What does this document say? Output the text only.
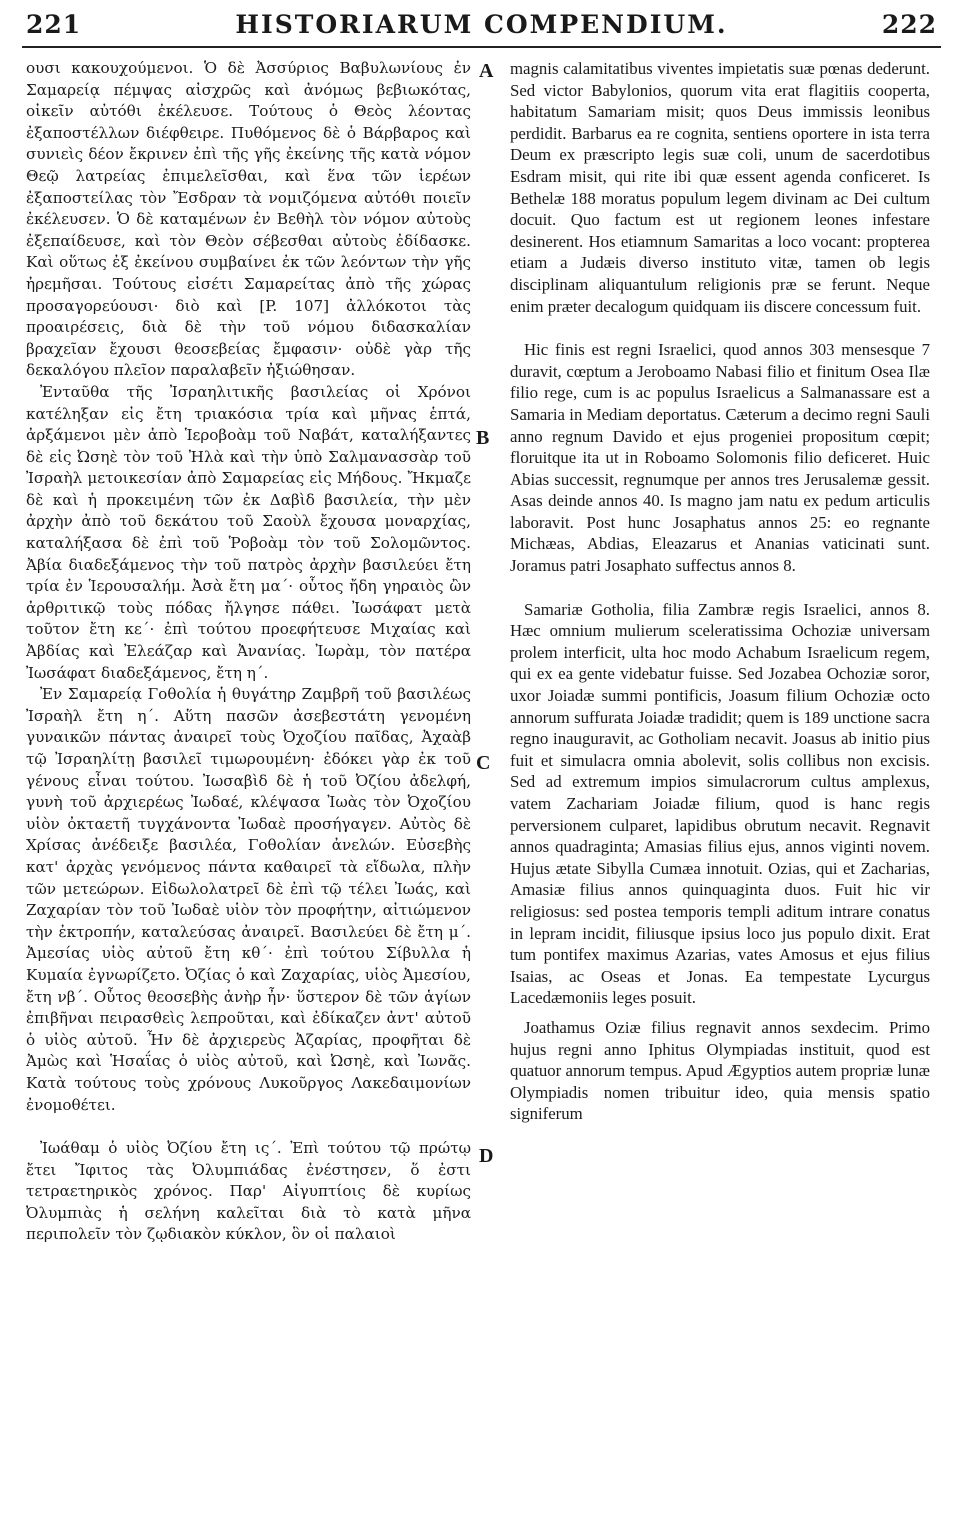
221	HISTORIARUM COMPENDIUM.	222

ουσι κακουχούμενοι. Ὁ δὲ Ἀσσύριος Βαβυλωνίους ἐν Σαμαρείᾳ πέμψας αἰσχρῶς καὶ ἀνόμως βεβιωκότας, οἰκεῖν αὐτόθι ἐκέλευσε. Τούτους ὁ Θεὸς λέοντας ἐξαποστέλλων διέφθειρε. Πυθόμενος δὲ ὁ Βάρβαρος καὶ συνιεὶς δέον ἔκρινεν ἐπὶ τῆς γῆς ἐκείνης τῆς κατὰ νόμον Θεῷ λατρείας ἐπιμελεῖσθαι, καὶ ἕνα τῶν ἱερέων ἐξαποστείλας τὸν Ἔσδραν τὰ νομιζόμενα αὐτόθι ποιεῖν ἐκέλευσεν. Ὁ δὲ καταμένων ἐν Βεθὴλ τὸν νόμον αὐτοὺς ἐξεπαίδευσε, καὶ τὸν Θεὸν σέβεσθαι αὐτοὺς ἐδίδασκε. Καὶ οὕτως ἐξ ἐκείνου συμβαίνει ἐκ τῶν λεόντων τὴν γῆς ἠρεμῆσαι. Τούτους εἰσέτι Σαμαρείτας ἀπὸ τῆς χώρας προσαγορεύουσι· διὸ καὶ [P. 107] ἀλλόκοτοι τὰς προαιρέσεις, διὰ δὲ τὴν τοῦ νόμου διδασκαλίαν βραχεῖαν ἔχουσι θεοσεβείας ἔμφασιν· οὐδὲ γὰρ τῆς δεκαλόγου πλεῖον παραλαβεῖν ἠξιώθησαν.

Ἐνταῦθα τῆς Ἰσραηλιτικῆς βασιλείας οἱ Χρόνοι κατέληξαν εἰς ἔτη τριακόσια τρία καὶ μῆνας ἑπτά, ἀρξάμενοι μὲν ἀπὸ Ἱεροβοὰμ τοῦ Ναβάτ, καταλήξαντες δὲ εἰς Ὠσηὲ τὸν τοῦ Ἠλὰ καὶ τὴν ὑπὸ Σαλμανασσὰρ τοῦ Ἰσραὴλ μετοικεσίαν ἀπὸ Σαμαρείας εἰς Μήδους. Ἤκμαζε δὲ καὶ ἡ προκειμένη τῶν ἐκ Δαβὶδ βασιλεία, τὴν μὲν ἀρχὴν ἀπὸ τοῦ δεκάτου τοῦ Σαοὺλ ἔχουσα μοναρχίας, καταλήξασα δὲ ἐπὶ τοῦ Ῥοβοὰμ τὸν τοῦ Σολομῶντος. Ἀβία διαδεξάμενος τὴν τοῦ πατρὸς ἀρχὴν βασιλεύει ἔτη τρία ἐν Ἱερουσαλήμ. Ἀσὰ ἔτη μα΄· οὗτος ἤδη γηραιὸς ὢν ἀρθριτικῷ τοὺς πόδας ἤλγησε πάθει. Ἰωσάφατ μετὰ τοῦτον ἔτη κε΄· ἐπὶ τούτου προεφήτευσε Μιχαίας καὶ Ἀβδίας καὶ Ἐλεάζαρ καὶ Ἀνανίας. Ἰωρὰμ, τὸν πατέρα Ἰωσάφατ διαδεξάμενος, ἔτη η΄.

Ἐν Σαμαρείᾳ Γοθολία ἡ θυγάτηρ Ζαμβρῆ τοῦ βασιλέως Ἰσραὴλ ἔτη η΄. Αὕτη πασῶν ἀσεβεστάτη γενομένη γυναικῶν πάντας ἀναιρεῖ τοὺς Ὀχοζίου παῖδας, Ἀχαὰβ τῷ Ἰσραηλίτῃ βασιλεῖ τιμωρουμένη· ἐδόκει γὰρ ἐκ τοῦ γένους εἶναι τούτου. Ἰωσαβὶδ δὲ ἡ τοῦ Ὀζίου ἀδελφή, γυνὴ τοῦ ἀρχιερέως Ἰωδαέ, κλέψασα Ἰωὰς τὸν Ὀχοζίου υἱὸν ὀκταετῆ τυγχάνοντα Ἰωδαὲ προσήγαγεν. Αὐτὸς δὲ Χρίσας ἀνέδειξε βασιλέα, Γοθολίαν ἀνελών. Εὐσεβὴς κατ' ἀρχὰς γενόμενος πάντα καθαιρεῖ τὰ εἴδωλα, πλὴν τῶν μετεώρων. Εἰδωλολατρεῖ δὲ ἐπὶ τῷ τέλει Ἰωάς, καὶ Ζαχαρίαν τὸν τοῦ Ἰωδαὲ υἱὸν τὸν προφήτην, αἰτιώμενον τὴν ἐκτροπήν, καταλεύσας ἀναιρεῖ. Βασιλεύει δὲ ἔτη μ΄. Ἀμεσίας υἱὸς αὐτοῦ ἔτη κθ΄· ἐπὶ τούτου Σίβυλλα ἡ Κυμαία ἐγνωρίζετο. Ὀζίας ὁ καὶ Ζαχαρίας, υἱὸς Ἀμεσίου, ἔτη νβ΄. Οὗτος θεοσεβὴς ἀνὴρ ἦν· ὕστερον δὲ τῶν ἁγίων ἐπιβῆναι πειρασθεὶς λεπροῦται, καὶ ἐδίκαζεν ἀντ' αὐτοῦ ὁ υἱὸς αὐτοῦ. Ἦν δὲ ἀρχιερεὺς Ἀζαρίας, προφῆται δὲ Ἀμὼς καὶ Ἡσαΐας ὁ υἱὸς αὐτοῦ, καὶ Ὠσηὲ, καὶ Ἰωνᾶς. Κατὰ τούτους τοὺς χρόνους Λυκοῦργος Λακεδαιμονίων ἐνομοθέτει.

Ἰωάθαμ ὁ υἱὸς Ὀζίου ἔτη ις΄. Ἐπὶ τούτου τῷ πρώτῳ ἔτει Ἴφιτος τὰς Ὀλυμπιάδας ἐνέστησεν, ὅ ἐστι τετραετηρικὸς χρόνος. Παρ' Αἰγυπτίοις δὲ κυρίως Ὀλυμπιὰς ἡ σελήνη καλεῖται διὰ τὸ κατὰ μῆνα περιπολεῖν τὸν ζῳδιακὸν κύκλον, ὃν οἱ παλαιοὶ

A
B
C
D

magnis calamitatibus viventes impietatis suæ pœnas dederunt. Sed victor Babylonios, quorum vita erat flagitiis cooperta, habitatum Samariam misit; quos Deus immissis leonibus perdidit. Barbarus ea re cognita, sentiens oportere in ista terra Deum ex præscripto legis suæ coli, unum de sacerdotibus Esdram misit, qui rite ibi quæ essent agenda conficeret. Is Bethelæ 188 moratus populum legem divinam ac Dei cultum docuit. Quo factum est ut regionem leones infestare desinerent. Hos etiamnum Samaritas a loco vocant: propterea etiam a Judæis diverso instituto vitæ, tamen ob legis disciplinam aliquantulum religionis præ se ferunt. Neque enim præter decalogum quidquam iis discere concessum fuit.

Hic finis est regni Israelici, quod annos 303 mensesque 7 duravit, cœptum a Jeroboamo Nabasi filio et finitum Osea Ilæ filio rege, cum is ac populus Israelicus a Salmanassare est a Samaria in Mediam deportatus. Cæterum a decimo regni Sauli anno regnum Davido et ejus progeniei propositum cœpit; floruitque ita ut in Roboamo Solomonis filio deficeret. Huic Abias successit, regnumque per annos tres Jerusalemæ gessit. Asas deinde annos 40. Is magno jam natu ex pedum articulis laboravit. Post hunc Josaphatus annos 25: eo regnante Michæas, Abdias, Eleazarus et Ananias vaticinati sunt. Joramus patri Josaphato suffectus annos 8.

Samariæ Gotholia, filia Zambræ regis Israelici, annos 8. Hæc omnium mulierum sceleratissima Ochoziæ universam prolem interficit, ulta hoc modo Achabum Israelicum regem, qui ex ea gente videbatur fuisse. Sed Jozabea Ochoziæ soror, uxor Joiadæ summi pontificis, Joasum filium Ochoziæ octo annorum suffurata Joiadæ tradidit; quem is 189 unctione sacra regno inauguravit, ac Gotholiam necavit. Joasus ab initio pius fuit et simulacra omnia abolevit, solis collibus non excisis. Sed ad extremum impios simulacrorum cultus amplexus, vatem Zachariam Joiadæ filium, quod is hanc regis perversionem culparet, lapidibus obrutum necavit. Regnavit annos quadraginta; Amasias filius ejus, annos viginti novem. Hujus ætate Sibylla Cumæa innotuit. Ozias, qui et Zacharias, Amasiæ filius annos quinquaginta duos. Fuit hic vir religiosus: sed postea temporis templi aditum intrare conatus in lepram incidit, filiusque ipsius loco jus populo dixit. Erat tum pontifex maximus Azarias, vates Amosus et ejus filius Isaias, ac Oseas et Jonas. Ea tempestate Lycurgus Lacedæmoniis leges posuit.

Joathamus Oziæ filius regnavit annos sexdecim. Primo hujus regni anno Iphitus Olympiadas instituit, quod est quatuor annorum tempus. Apud Ægyptios autem propriæ lunæ Olympiadis nomen tribuitur ideo, quia mensis spatio signiferum
